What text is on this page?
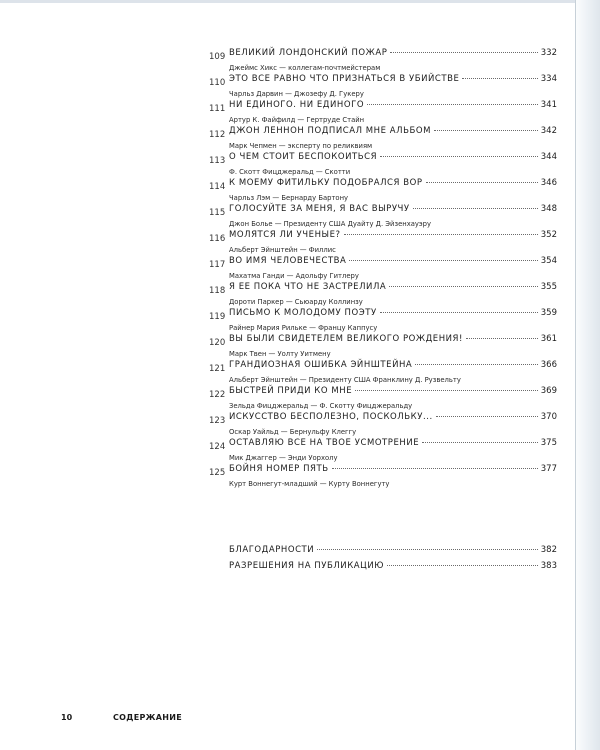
109 ВЕЛИКИЙ ЛОНДОНСКИЙ ПОЖАР	332
Джеймс Хикс — коллегам-почтмейстерам
110 ЭТО ВСЕ РАВНО ЧТО ПРИЗНАТЬСЯ В УБИЙСТВЕ	334
Чарльз Дарвин — Джозефу Д. Гукеру
111 НИ ЕДИНОГО. НИ ЕДИНОГО	341
Артур К. Файфилд — Гертруде Стайн
112 ДЖОН ЛЕННОН ПОДПИСАЛ МНЕ АЛЬБОМ	342
Марк Чепмен — эксперту по реликвиям
113 О ЧЕМ СТОИТ БЕСПОКОИТЬСЯ	344
Ф. Скотт Фицджеральд — Скотти
114 К МОЕМУ ФИТИЛЬКУ ПОДОБРАЛСЯ ВОР	346
Чарльз Лэм — Бернарду Бартону
115 ГОЛОСУЙТЕ ЗА МЕНЯ, Я ВАС ВЫРУЧУ	348
Джон Болье — Президенту США Дуайту Д. Эйзенхауэру
116 МОЛЯТСЯ ЛИ УЧЕНЫЕ?	352
Альберт Эйнштейн — Филлис
117 ВО ИМЯ ЧЕЛОВЕЧЕСТВА	354
Махатма Ганди — Адольфу Гитлеру
118 Я ЕЕ ПОКА ЧТО НЕ ЗАСТРЕЛИЛА	355
Дороти Паркер — Сьюарду Коллинзу
119 ПИСЬМО К МОЛОДОМУ ПОЭТУ	359
Райнер Мария Рильке — Францу Каппусу
120 ВЫ БЫЛИ СВИДЕТЕЛЕМ ВЕЛИКОГО РОЖДЕНИЯ!	361
Марк Твен — Уолту Уитмену
121 ГРАНДИОЗНАЯ ОШИБКА ЭЙНШТЕЙНА	366
Альберт Эйнштейн — Президенту США Франклину Д. Рузвельту
122 БЫСТРЕЙ ПРИДИ КО МНЕ	369
Зельда Фицджеральд — Ф. Скотту Фицджеральду
123 ИСКУССТВО БЕСПОЛЕЗНО, ПОСКОЛЬКУ...	370
Оскар Уайльд — Бернульфу Клеггу
124 ОСТАВЛЯЮ ВСЕ НА ТВОЕ УСМОТРЕНИЕ	375
Мик Джаггер — Энди Уорхолу
125 БОЙНЯ НОМЕР ПЯТЬ	377
Курт Воннегут-младший — Курту Воннегуту
БЛАГОДАРНОСТИ	382
РАЗРЕШЕНИЯ НА ПУБЛИКАЦИЮ	383
10	СОДЕРЖАНИЕ
